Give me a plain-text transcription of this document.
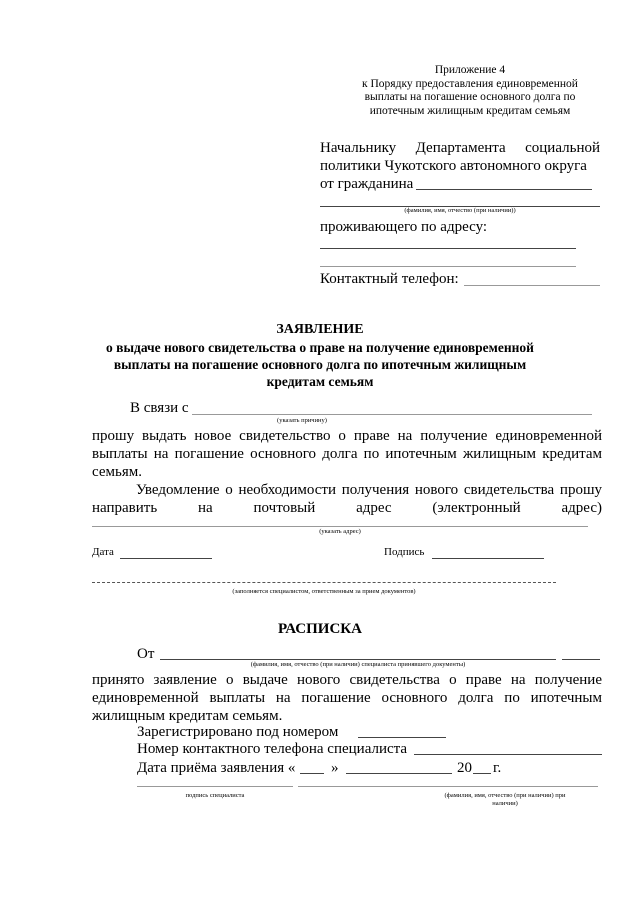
Приложение 4
к Порядку предоставления единовременной
выплаты на погашение основного долга по
ипотечным жилищным кредитам семьям
Начальнику Департамента социальной
политики Чукотского автономного округа
от гражданина
(фамилия, имя, отчество (при наличии))
проживающего по адресу:
Контактный телефон:
ЗАЯВЛЕНИЕ
о выдаче нового свидетельства о праве на получение единовременной
выплаты на погашение основного долга по ипотечным жилищным
кредитам семьям
В связи с
(указать причину)
прошу выдать новое свидетельство о праве на получение единовременной
выплаты на погашение основного долга по ипотечным жилищным кредитам
семьям.
Уведомление о необходимости получения нового свидетельства прошу
направить на почтовый адрес (электронный адрес)
(указать адрес)
Дата	Подпись
(заполняется специалистом, ответственным за прием документов)
РАСПИСКА
От
(фамилия, имя, отчество (при наличии) специалиста принявшего документы)
принято заявление о выдаче нового свидетельства о праве на получение
единовременной выплаты на погашение основного долга по ипотечным
жилищным кредитам семьям.
Зарегистрировано под номером
Номер контактного телефона специалиста
Дата приёма заявления « »	20 г.
подпись специалиста	(фамилия, имя, отчество (при наличии) при
наличии)
